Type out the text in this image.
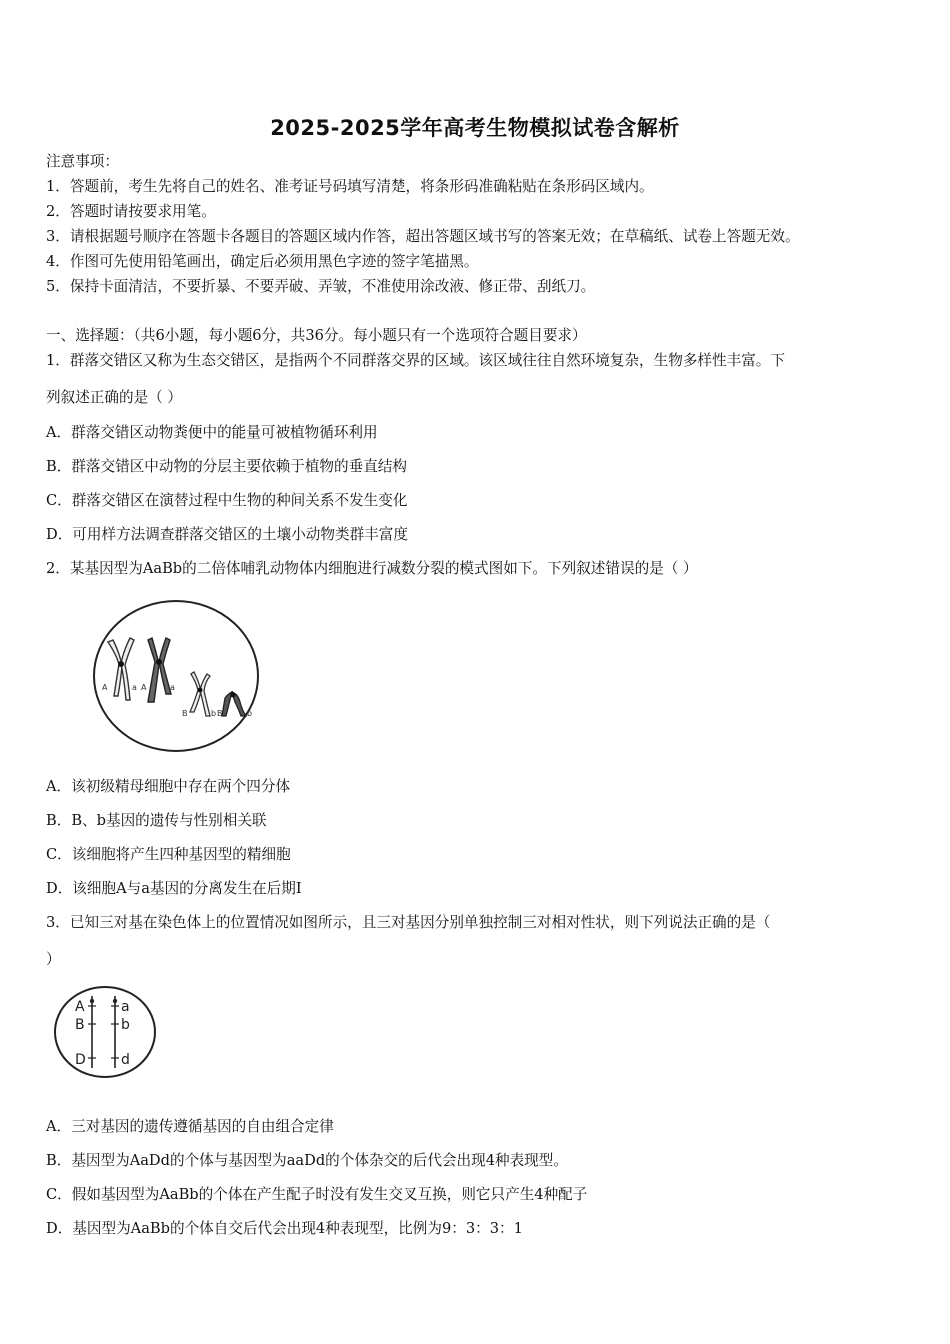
2025-2025学年高考生物模拟试卷含解析
注意事项：
1．答题前，考生先将自己的姓名、准考证号码填写清楚，将条形码准确粘贴在条形码区域内。
2．答题时请按要求用笔。
3．请根据题号顺序在答题卡各题目的答题区域内作答，超出答题区域书写的答案无效；在草稿纸、试卷上答题无效。
4．作图可先使用铅笔画出，确定后必须用黑色字迹的签字笔描黑。
5．保持卡面清洁，不要折暴、不要弄破、弄皱，不准使用涂改液、修正带、刮纸刀。
一、选择题：（共6小题，每小题6分，共36分。每小题只有一个选项符合题目要求）
1．群落交错区又称为生态交错区，是指两个不同群落交界的区域。该区域往往自然环境复杂，生物多样性丰富。下
列叙述正确的是（ ）
A．群落交错区动物粪便中的能量可被植物循环利用
B．群落交错区中动物的分层主要依赖于植物的垂直结构
C．群落交错区在演替过程中生物的种间关系不发生变化
D．可用样方法调查群落交错区的土壤小动物类群丰富度
2．某基因型为AaBb的二倍体哺乳动物体内细胞进行减数分裂的模式图如下。下列叙述错误的是（ ）
A	a A	a
B	b B	b
A．该初级精母细胞中存在两个四分体
B．B、b基因的遗传与性别相关联
C．该细胞将产生四种基因型的精细胞
D．该细胞A与a基因的分离发生在后期Ⅰ
3．已知三对基在染色体上的位置情况如图所示，且三对基因分别单独控制三对相对性状，则下列说法正确的是（
）
A
B
D
a
b
d
A．三对基因的遗传遵循基因的自由组合定律
B．基因型为AaDd的个体与基因型为aaDd的个体杂交的后代会出现4种表现型。
C．假如基因型为AaBb的个体在产生配子时没有发生交叉互换，则它只产生4种配子
D．基因型为AaBb的个体自交后代会出现4种表现型，比例为9：3：3：1
